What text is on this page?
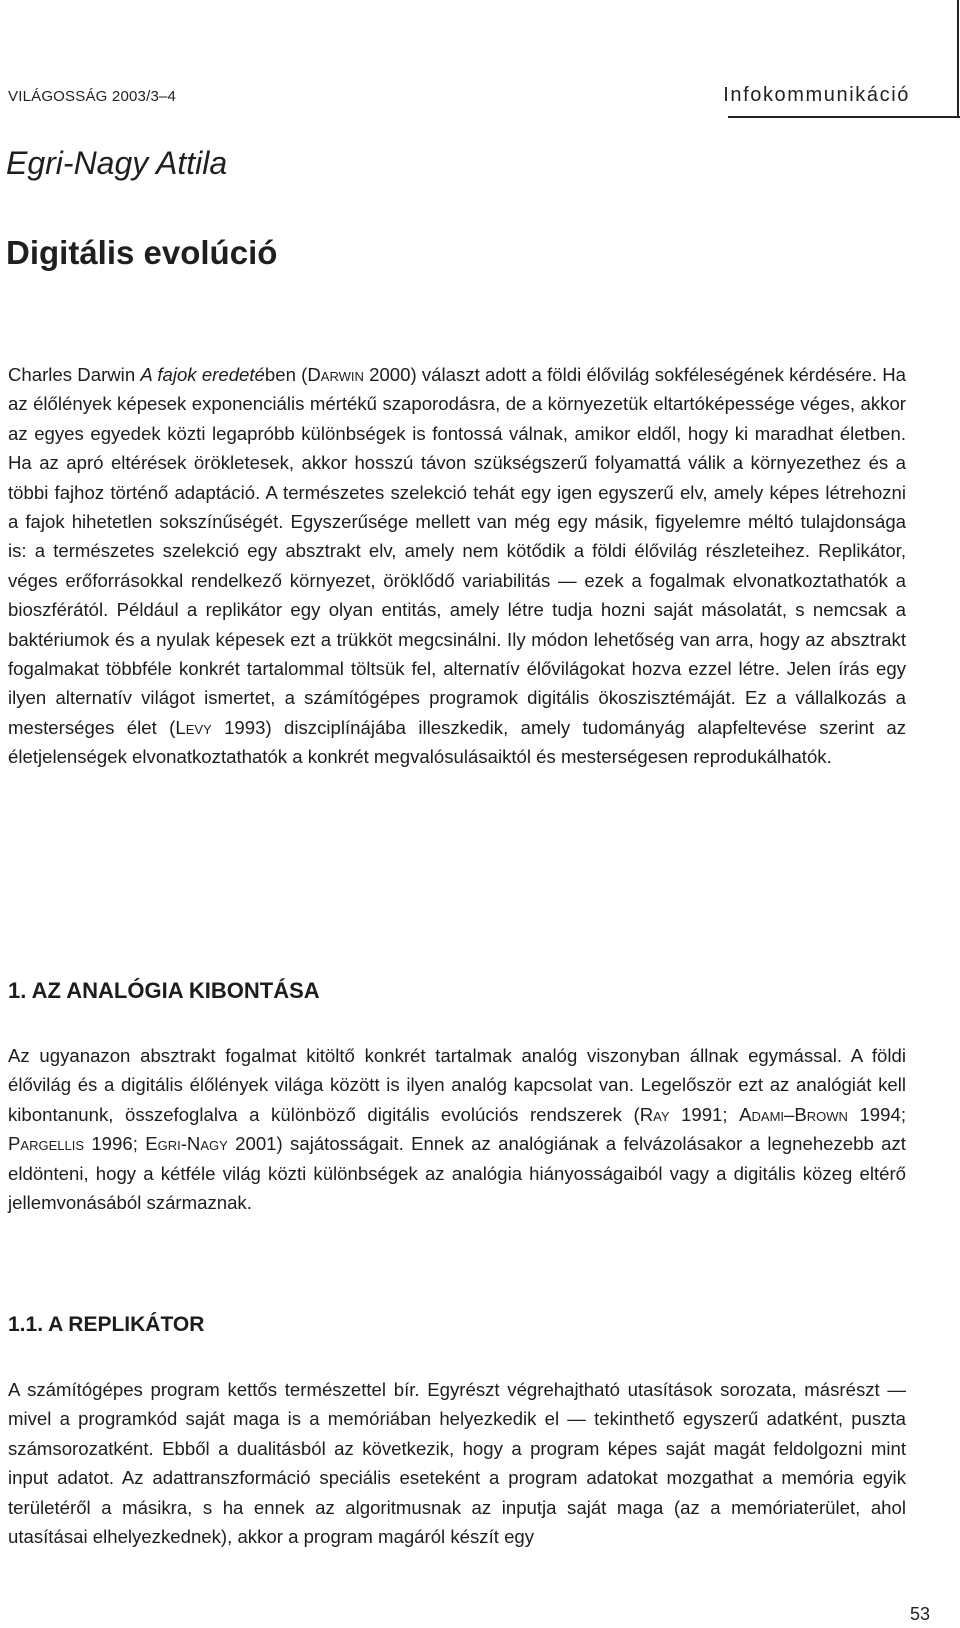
VILÁGOSSÁG 2003/3–4	Infokommunikáció
Egri-Nagy Attila
Digitális evolúció

Charles Darwin A fajok eredetében (Darwin 2000) választ adott a földi élővilág sokféleségének kérdésére. Ha az élőlények képesek exponenciális mértékű szaporodásra, de a környezetük eltartóképessége véges, akkor az egyes egyedek közti legapróbb különbségek is fontossá válnak, amikor eldől, hogy ki maradhat életben. Ha az apró eltérések örökletesek, akkor hosszú távon szükségszerű folyamattá válik a környezethez és a többi fajhoz történő adaptáció. A természetes szelekció tehát egy igen egyszerű elv, amely képes létrehozni a fajok hihetetlen sokszínűségét. Egyszerűsége mellett van még egy másik, figyelemre méltó tulajdonsága is: a természetes szelekció egy absztrakt elv, amely nem kötődik a földi élővilág részleteihez. Replikátor, véges erőforrásokkal rendelkező környezet, öröklődő variabilitás — ezek a fogalmak elvonatkoztathatók a bioszférától. Például a replikátor egy olyan entitás, amely létre tudja hozni saját másolatát, s nemcsak a baktériumok és a nyulak képesek ezt a trükköt megcsinálni. Ily módon lehetőség van arra, hogy az absztrakt fogalmakat többféle konkrét tartalommal töltsük fel, alternatív élővilágokat hozva ezzel létre. Jelen írás egy ilyen alternatív világot ismertet, a számítógépes programok digitális ökoszisztémáját. Ez a vállalkozás a mesterséges élet (Levy 1993) diszciplínájába illeszkedik, amely tudományág alapfeltevése szerint az életjelenségek elvonatkoztathatók a konkrét megvalósulásaiktól és mesterségesen reprodukálhatók.

1. AZ ANALÓGIA KIBONTÁSA

Az ugyanazon absztrakt fogalmat kitöltő konkrét tartalmak analóg viszonyban állnak egymással. A földi élővilág és a digitális élőlények világa között is ilyen analóg kapcsolat van. Legelőször ezt az analógiát kell kibontanunk, összefoglalva a különböző digitális evolúciós rendszerek (Ray 1991; Adami–Brown 1994; Pargellis 1996; Egri-Nagy 2001) sajátosságait. Ennek az analógiának a felvázolásakor a legnehezebb azt eldönteni, hogy a kétféle világ közti különbségek az analógia hiányosságaiból vagy a digitális közeg eltérő jellemvonásából származnak.

1.1. A REPLIKÁTOR

A számítógépes program kettős természettel bír. Egyrészt végrehajtható utasítások sorozata, másrészt — mivel a programkód saját maga is a memóriában helyezkedik el — tekinthető egyszerű adatként, puszta számsorozatként. Ebből a dualitásból az következik, hogy a program képes saját magát feldolgozni mint input adatot. Az adattranszformáció speciális eseteként a program adatokat mozgathat a memória egyik területéről a másikra, s ha ennek az algoritmusnak az inputja saját maga (az a memóriaterület, ahol utasításai elhelyezkednek), akkor a program magáról készít egy

53
